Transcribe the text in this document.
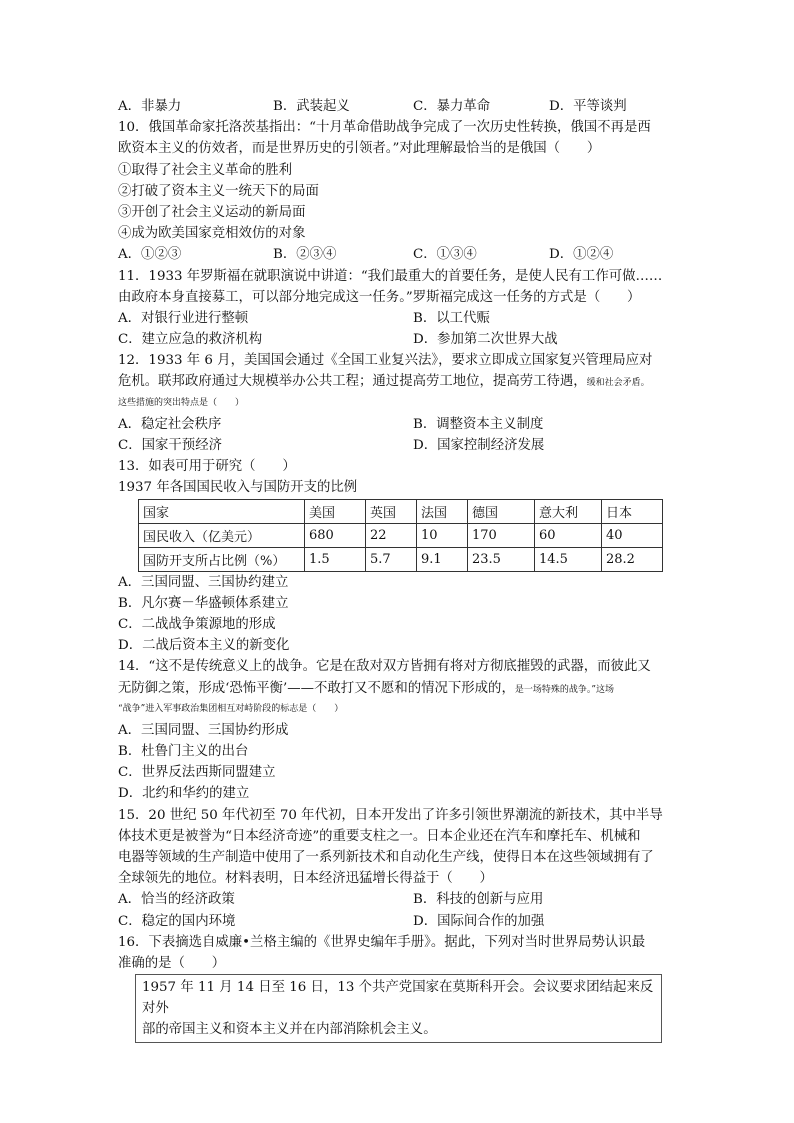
A．非暴力	B．武装起义	C．暴力革命	D．平等谈判
10．俄国革命家托洛茨基指出：“十月革命借助战争完成了一次历史性转换，俄国不再是西
欧资本主义的仿效者，而是世界历史的引领者。”对此理解最恰当的是俄国（　　）
①取得了社会主义革命的胜利
②打破了资本主义一统天下的局面
③开创了社会主义运动的新局面
④成为欧美国家竞相效仿的对象
A．①②③	B．②③④	C．①③④	D．①②④
11．1933 年罗斯福在就职演说中讲道：“我们最重大的首要任务，是使人民有工作可做……
由政府本身直接募工，可以部分地完成这一任务。”罗斯福完成这一任务的方式是（　　）
A．对银行业进行整顿	B．以工代赈
C．建立应急的救济机构	D．参加第二次世界大战
12．1933 年 6 月，美国国会通过《全国工业复兴法》，要求立即成立国家复兴管理局应对
危机。联邦政府通过大规模举办公共工程；通过提高劳工地位，提高劳工待遇，缓和社会矛盾。
这些措施的突出特点是（　　）
A．稳定社会秩序	B．调整资本主义制度
C．国家干预经济	D．国家控制经济发展
13．如表可用于研究（　　）
1937 年各国国民收入与国防开支的比例
国家	美国	英国	法国	德国	意大利	日本
国民收入（亿美元）	680	22	10	170	60	40
国防开支所占比例（%）	1.5	5.7	9.1	23.5	14.5	28.2
A．三国同盟、三国协约建立
B．凡尔赛－华盛顿体系建立
C．二战战争策源地的形成
D．二战后资本主义的新变化
14．“这不是传统意义上的战争。它是在敌对双方皆拥有将对方彻底摧毁的武器，而彼此又
无防御之策，形成‘恐怖平衡’——不敢打又不愿和的情况下形成的，是一场特殊的战争。”这场
“战争”进入军事政治集团相互对峙阶段的标志是（　　）
A．三国同盟、三国协约形成
B．杜鲁门主义的出台
C．世界反法西斯同盟建立
D．北约和华约的建立
15．20 世纪 50 年代初至 70 年代初，日本开发出了许多引领世界潮流的新技术，其中半导
体技术更是被誉为“日本经济奇迹”的重要支柱之一。日本企业还在汽车和摩托车、机械和
电器等领域的生产制造中使用了一系列新技术和自动化生产线，使得日本在这些领域拥有了
全球领先的地位。材料表明，日本经济迅猛增长得益于（　　）
A．恰当的经济政策	B．科技的创新与应用
C．稳定的国内环境	D．国际间合作的加强
16．下表摘选自威廉•兰格主编的《世界史编年手册》。据此，下列对当时世界局势认识最
准确的是（　　）
1957 年 11 月 14 日至 16 日，13 个共产党国家在莫斯科开会。会议要求团结起来反对外
部的帝国主义和资本主义并在内部消除机会主义。
